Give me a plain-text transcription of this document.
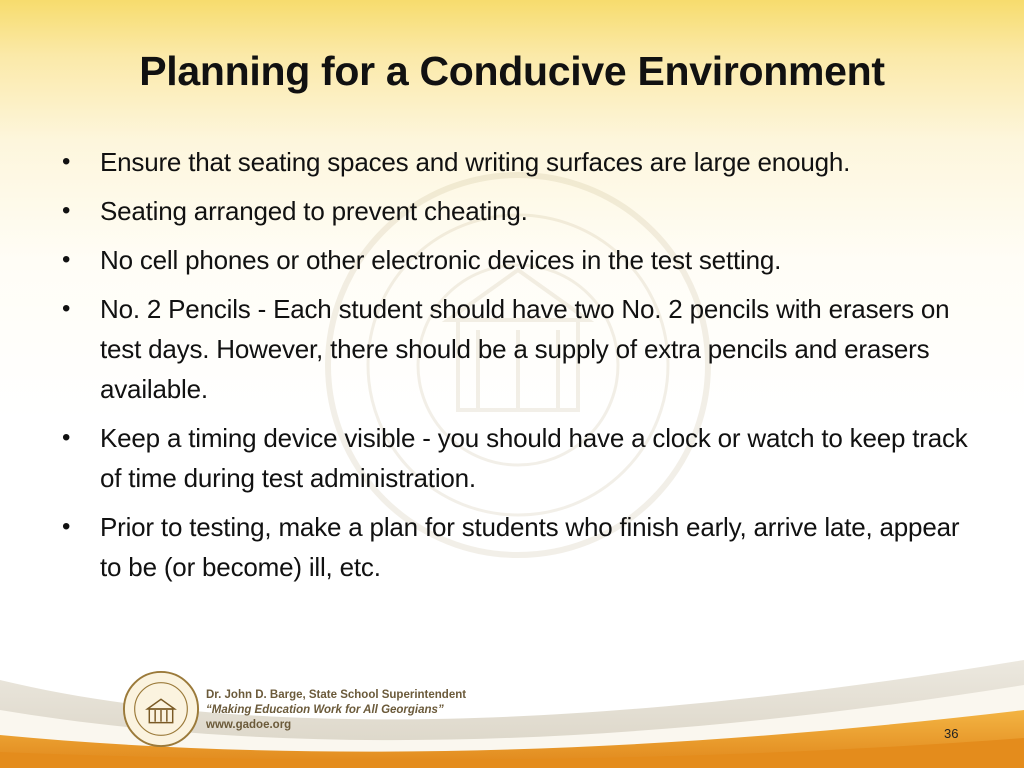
Planning for a Conducive Environment
• Ensure that seating spaces and writing surfaces are large enough.
• Seating arranged to prevent cheating.
• No cell phones or other electronic devices in the test setting.
• No. 2 Pencils - Each student should have two No. 2 pencils with erasers on test days. However, there should be a supply of extra pencils and erasers available.
• Keep a timing device visible - you should have a clock or watch to keep track of time during test administration.
• Prior to testing, make a plan for students who finish early, arrive late, appear to be (or become) ill, etc.
Dr. John D. Barge, State School Superintendent
“Making Education Work for All Georgians”
www.gadoe.org
36
